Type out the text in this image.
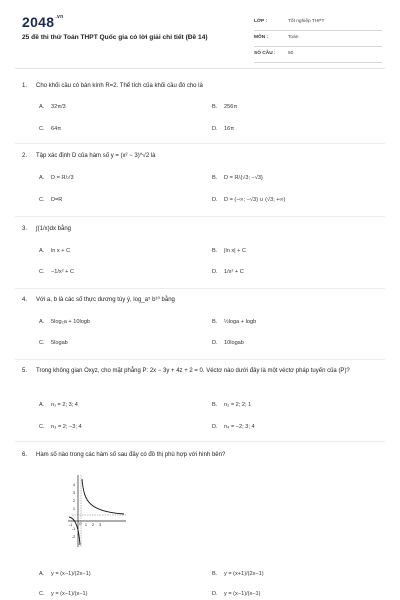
$2048^{.vn}$
25 đề thi thử Toán THPT Quốc gia có lời giải chi tiết (Đề 14)
LỚP :	Tốt nghiệp THPT
MÔN :	Toán
SỐ CÂU :	50
1. Cho khối cầu có bán kính R=2. Thể tích của khối cầu đó cho là
A. 32π/3	B. 256π
C. 64π	D. 16π
2. Tập xác định D của hàm số y = (x² − 3)^√2 là
A. D = ℝ\√3	B. D = ℝ\{√3; −√3}
C. D=R	D. D = (−∞; −√3) ∪ (√3; +∞)
3. ∫(1/x)dx bằng
A. ln x + C	B. |ln x| + C
C. −1/x² + C	D. 1/x² + C
4. Với a, b là các số thực dương tùy ý, log_a⁵ b¹⁰ bằng
A. 5log₂a + 10logb	B. ½loga + logb
C. 5logab	D. 10logab
5. Trong không gian Oxyz, cho mặt phẳng P: 2x − 3y + 4z + 2 = 0. Véctơ nào dưới đây là một véctơ pháp tuyến của (P)?
A. n₁ = 2; 3; 4	B. n₂ = 2; 2; 1
C. n₃ = 2; −3; 4	D. n₄ = −2; 3; 4
6. Hàm số nào trong các hàm số sau đây có đồ thị phù hợp với hình bên?
A. y = (x−1)/(2x−1)	B. y = (x+1)/(2x−1)
C. y = (x−1)/(x−1)	D. y = (x−1)/(x−1)
4
3
2
1
-1
-2
-1	1 2 3
O
